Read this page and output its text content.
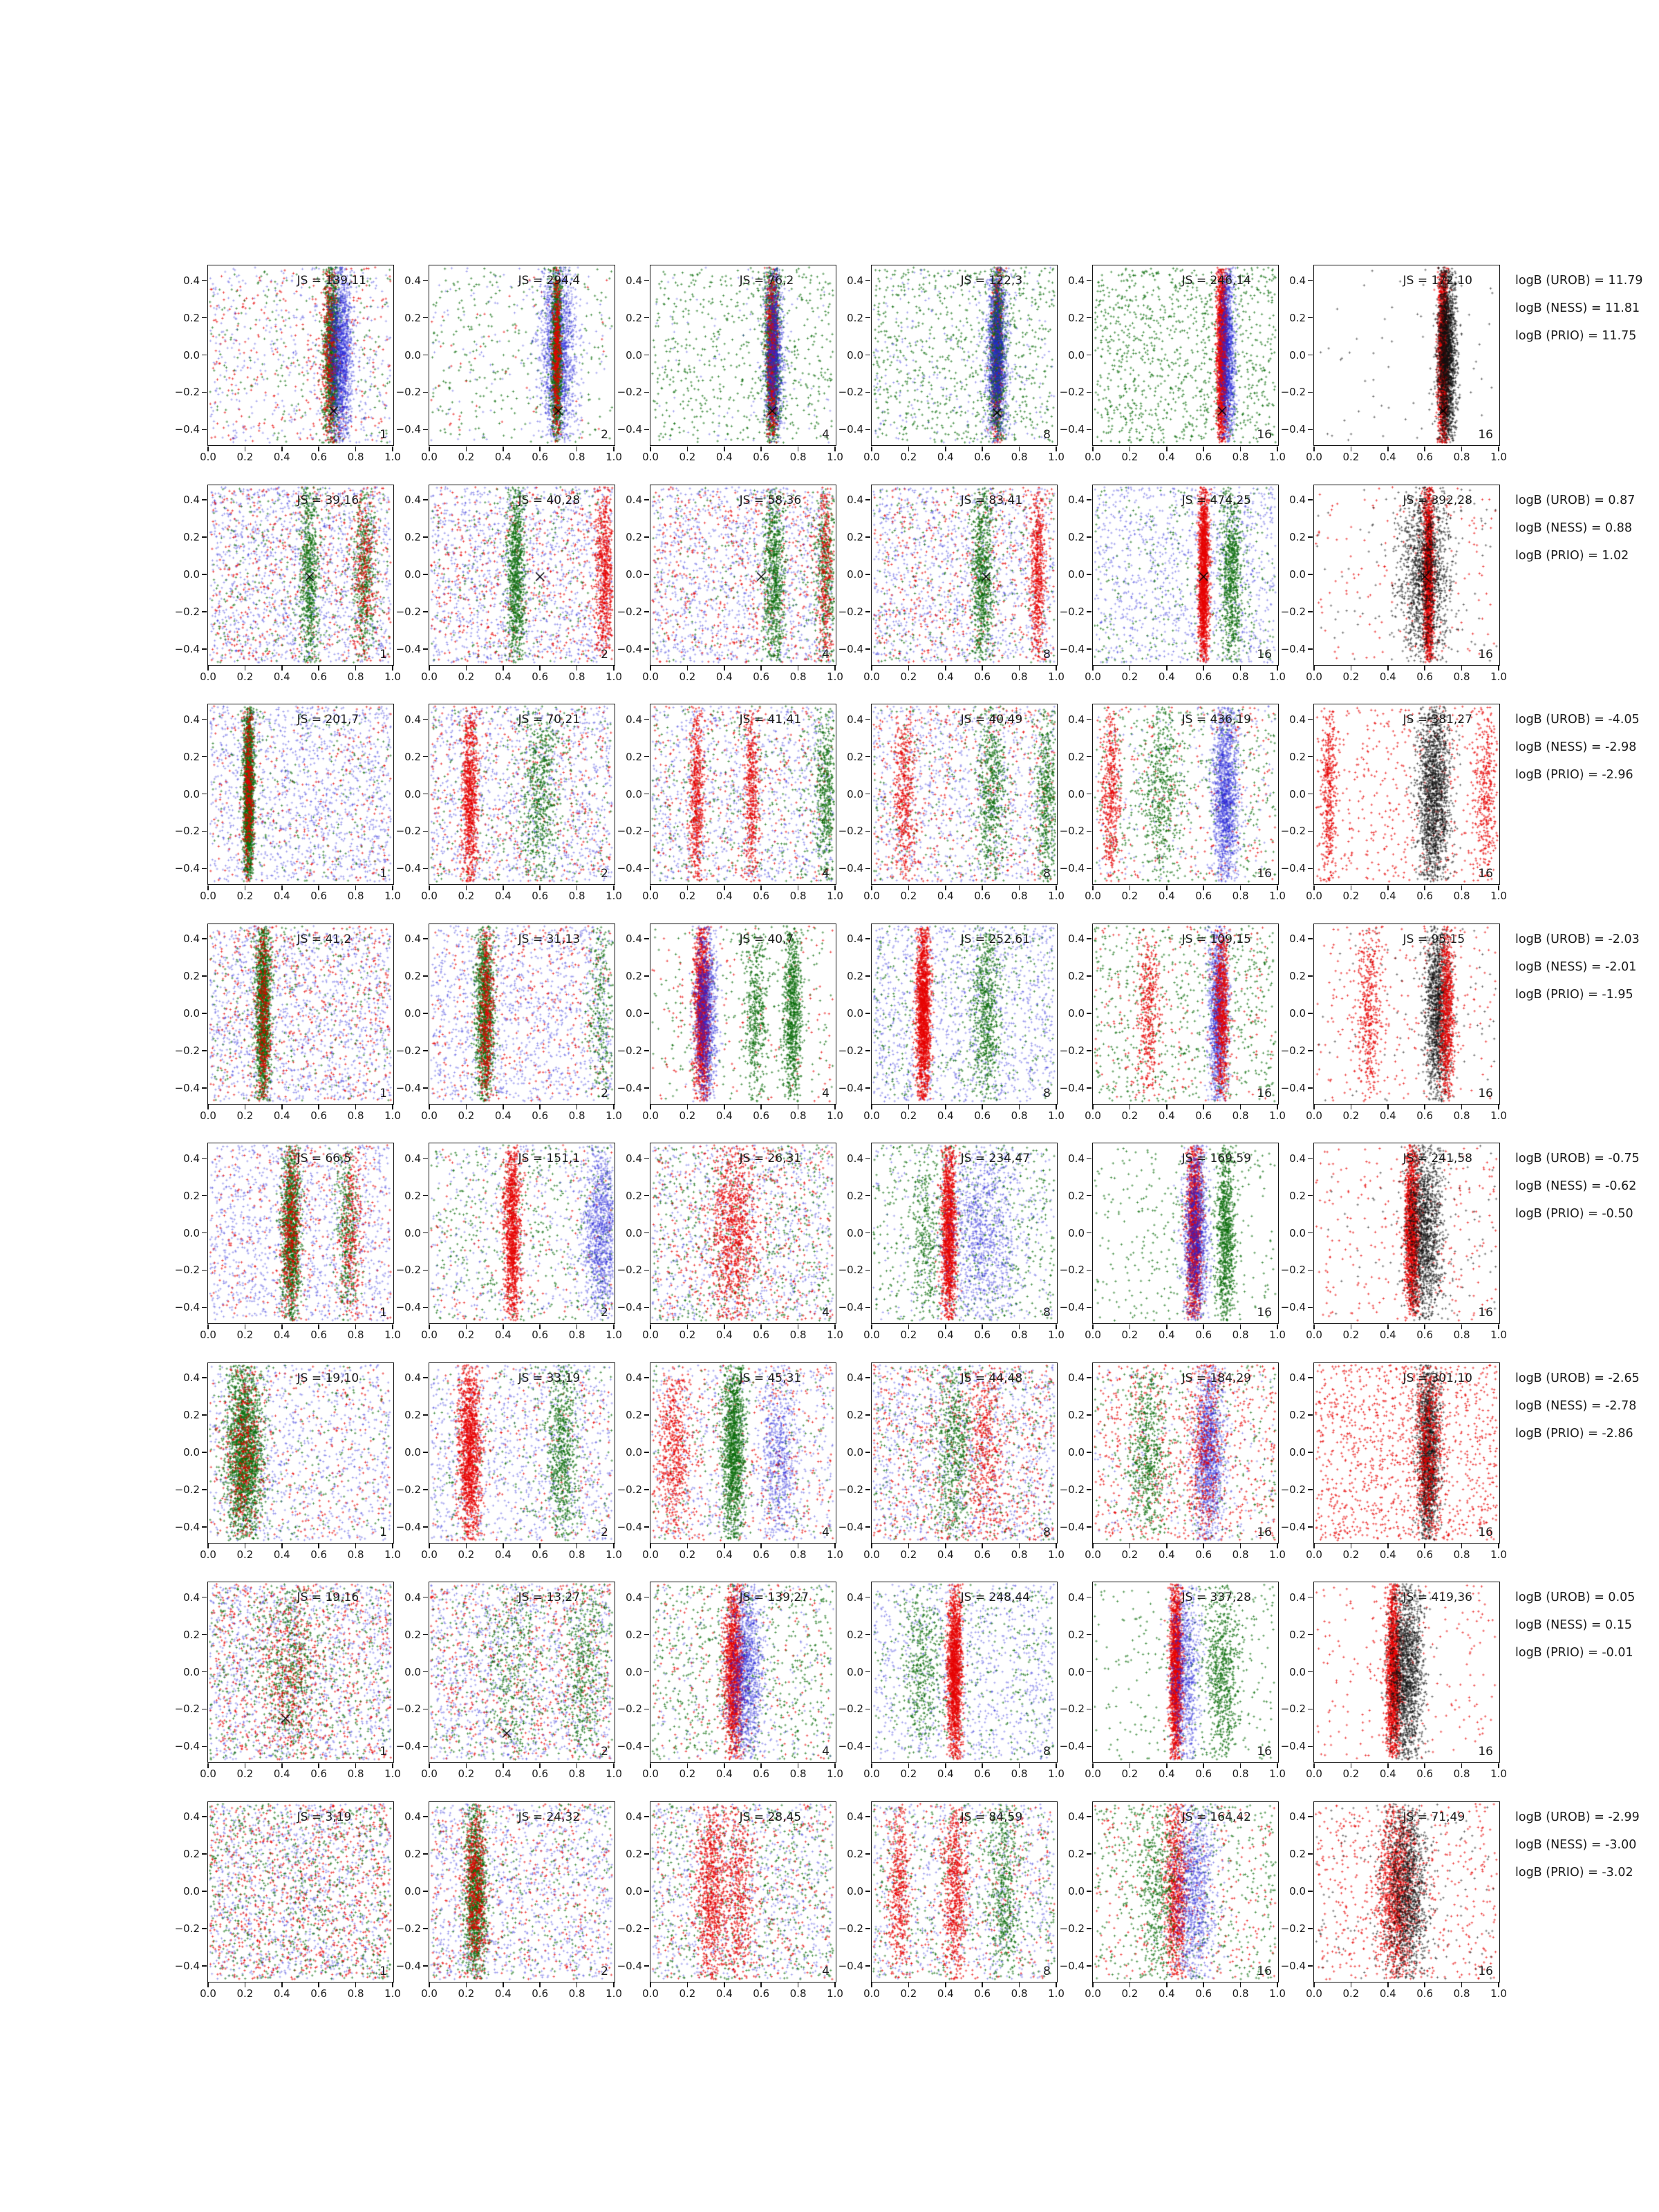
JS = 139,11
1
0.4
0.2
0.0
−0.2
−0.4
0.0	0.2	0.4	0.6	0.8	1.0
JS = 294,4
2
0.4
0.2
0.0
−0.2
−0.4
0.0	0.2	0.4	0.6	0.8	1.0
JS = 76,2
4
0.4
0.2
0.0
−0.2
−0.4
0.0	0.2	0.4	0.6	0.8	1.0
JS = 122,3
8
0.4
0.2
0.0
−0.2
−0.4
0.0	0.2	0.4	0.6	0.8	1.0
JS = 246,14
16
0.4
0.2
0.0
−0.2
−0.4
0.0	0.2	0.4	0.6	0.8	1.0
JS = 172,10
16
0.4
0.2
0.0
−0.2
−0.4
0.0	0.2	0.4	0.6	0.8	1.0
logB (UROB) = 11.79
logB (NESS) = 11.81
logB (PRIO) = 11.75
JS = 39,16
1
0.4
0.2
0.0
−0.2
−0.4
0.0	0.2	0.4	0.6	0.8	1.0
JS = 40,28
2
0.4
0.2
0.0
−0.2
−0.4
0.0	0.2	0.4	0.6	0.8	1.0
JS = 58,36
4
0.4
0.2
0.0
−0.2
−0.4
0.0	0.2	0.4	0.6	0.8	1.0
JS = 83,41
8
0.4
0.2
0.0
−0.2
−0.4
0.0	0.2	0.4	0.6	0.8	1.0
JS = 474,25
16
0.4
0.2
0.0
−0.2
−0.4
0.0	0.2	0.4	0.6	0.8	1.0
JS = 392,28
16
0.4
0.2
0.0
−0.2
−0.4
0.0	0.2	0.4	0.6	0.8	1.0
logB (UROB) = 0.87
logB (NESS) = 0.88
logB (PRIO) = 1.02
JS = 201,7
1
0.4
0.2
0.0
−0.2
−0.4
0.0	0.2	0.4	0.6	0.8	1.0
JS = 70,21
2
0.4
0.2
0.0
−0.2
−0.4
0.0	0.2	0.4	0.6	0.8	1.0
JS = 41,41
4
0.4
0.2
0.0
−0.2
−0.4
0.0	0.2	0.4	0.6	0.8	1.0
JS = 40,49
8
0.4
0.2
0.0
−0.2
−0.4
0.0	0.2	0.4	0.6	0.8	1.0
JS = 436,19
16
0.4
0.2
0.0
−0.2
−0.4
0.0	0.2	0.4	0.6	0.8	1.0
JS = 381,27
16
0.4
0.2
0.0
−0.2
−0.4
0.0	0.2	0.4	0.6	0.8	1.0
logB (UROB) = -4.05
logB (NESS) = -2.98
logB (PRIO) = -2.96
JS = 41,2
1
0.4
0.2
0.0
−0.2
−0.4
0.0	0.2	0.4	0.6	0.8	1.0
JS = 31,13
2
0.4
0.2
0.0
−0.2
−0.4
0.0	0.2	0.4	0.6	0.8	1.0
JS = 40,7
4
0.4
0.2
0.0
−0.2
−0.4
0.0	0.2	0.4	0.6	0.8	1.0
JS = 252,61
8
0.4
0.2
0.0
−0.2
−0.4
0.0	0.2	0.4	0.6	0.8	1.0
JS = 109,15
16
0.4
0.2
0.0
−0.2
−0.4
0.0	0.2	0.4	0.6	0.8	1.0
JS = 95,15
16
0.4
0.2
0.0
−0.2
−0.4
0.0	0.2	0.4	0.6	0.8	1.0
logB (UROB) = -2.03
logB (NESS) = -2.01
logB (PRIO) = -1.95
JS = 66,5
1
0.4
0.2
0.0
−0.2
−0.4
0.0	0.2	0.4	0.6	0.8	1.0
JS = 151,1
2
0.4
0.2
0.0
−0.2
−0.4
0.0	0.2	0.4	0.6	0.8	1.0
JS = 26,31
4
0.4
0.2
0.0
−0.2
−0.4
0.0	0.2	0.4	0.6	0.8	1.0
JS = 234,47
8
0.4
0.2
0.0
−0.2
−0.4
0.0	0.2	0.4	0.6	0.8	1.0
JS = 169,59
16
0.4
0.2
0.0
−0.2
−0.4
0.0	0.2	0.4	0.6	0.8	1.0
JS = 241,58
16
0.4
0.2
0.0
−0.2
−0.4
0.0	0.2	0.4	0.6	0.8	1.0
logB (UROB) = -0.75
logB (NESS) = -0.62
logB (PRIO) = -0.50
JS = 19,10
1
0.4
0.2
0.0
−0.2
−0.4
0.0	0.2	0.4	0.6	0.8	1.0
JS = 33,19
2
0.4
0.2
0.0
−0.2
−0.4
0.0	0.2	0.4	0.6	0.8	1.0
JS = 45,31
4
0.4
0.2
0.0
−0.2
−0.4
0.0	0.2	0.4	0.6	0.8	1.0
JS = 44,48
8
0.4
0.2
0.0
−0.2
−0.4
0.0	0.2	0.4	0.6	0.8	1.0
JS = 184,29
16
0.4
0.2
0.0
−0.2
−0.4
0.0	0.2	0.4	0.6	0.8	1.0
JS = 301,10
16
0.4
0.2
0.0
−0.2
−0.4
0.0	0.2	0.4	0.6	0.8	1.0
logB (UROB) = -2.65
logB (NESS) = -2.78
logB (PRIO) = -2.86
JS = 19,16
1
0.4
0.2
0.0
−0.2
−0.4
0.0	0.2	0.4	0.6	0.8	1.0
JS = 13,27
2
0.4
0.2
0.0
−0.2
−0.4
0.0	0.2	0.4	0.6	0.8	1.0
JS = 139,27
4
0.4
0.2
0.0
−0.2
−0.4
0.0	0.2	0.4	0.6	0.8	1.0
JS = 248,44
8
0.4
0.2
0.0
−0.2
−0.4
0.0	0.2	0.4	0.6	0.8	1.0
JS = 337,28
16
0.4
0.2
0.0
−0.2
−0.4
0.0	0.2	0.4	0.6	0.8	1.0
JS = 419,36
16
0.4
0.2
0.0
−0.2
−0.4
0.0	0.2	0.4	0.6	0.8	1.0
logB (UROB) = 0.05
logB (NESS) = 0.15
logB (PRIO) = -0.01
JS = 3,19
1
0.4
0.2
0.0
−0.2
−0.4
0.0	0.2	0.4	0.6	0.8	1.0
JS = 24,32
2
0.4
0.2
0.0
−0.2
−0.4
0.0	0.2	0.4	0.6	0.8	1.0
JS = 28,45
4
0.4
0.2
0.0
−0.2
−0.4
0.0	0.2	0.4	0.6	0.8	1.0
JS = 84,59
8
0.4
0.2
0.0
−0.2
−0.4
0.0	0.2	0.4	0.6	0.8	1.0
JS = 164,42
16
0.4
0.2
0.0
−0.2
−0.4
0.0	0.2	0.4	0.6	0.8	1.0
JS = 71,49
16
0.4
0.2
0.0
−0.2
−0.4
0.0	0.2	0.4	0.6	0.8	1.0
logB (UROB) = -2.99
logB (NESS) = -3.00
logB (PRIO) = -3.02
